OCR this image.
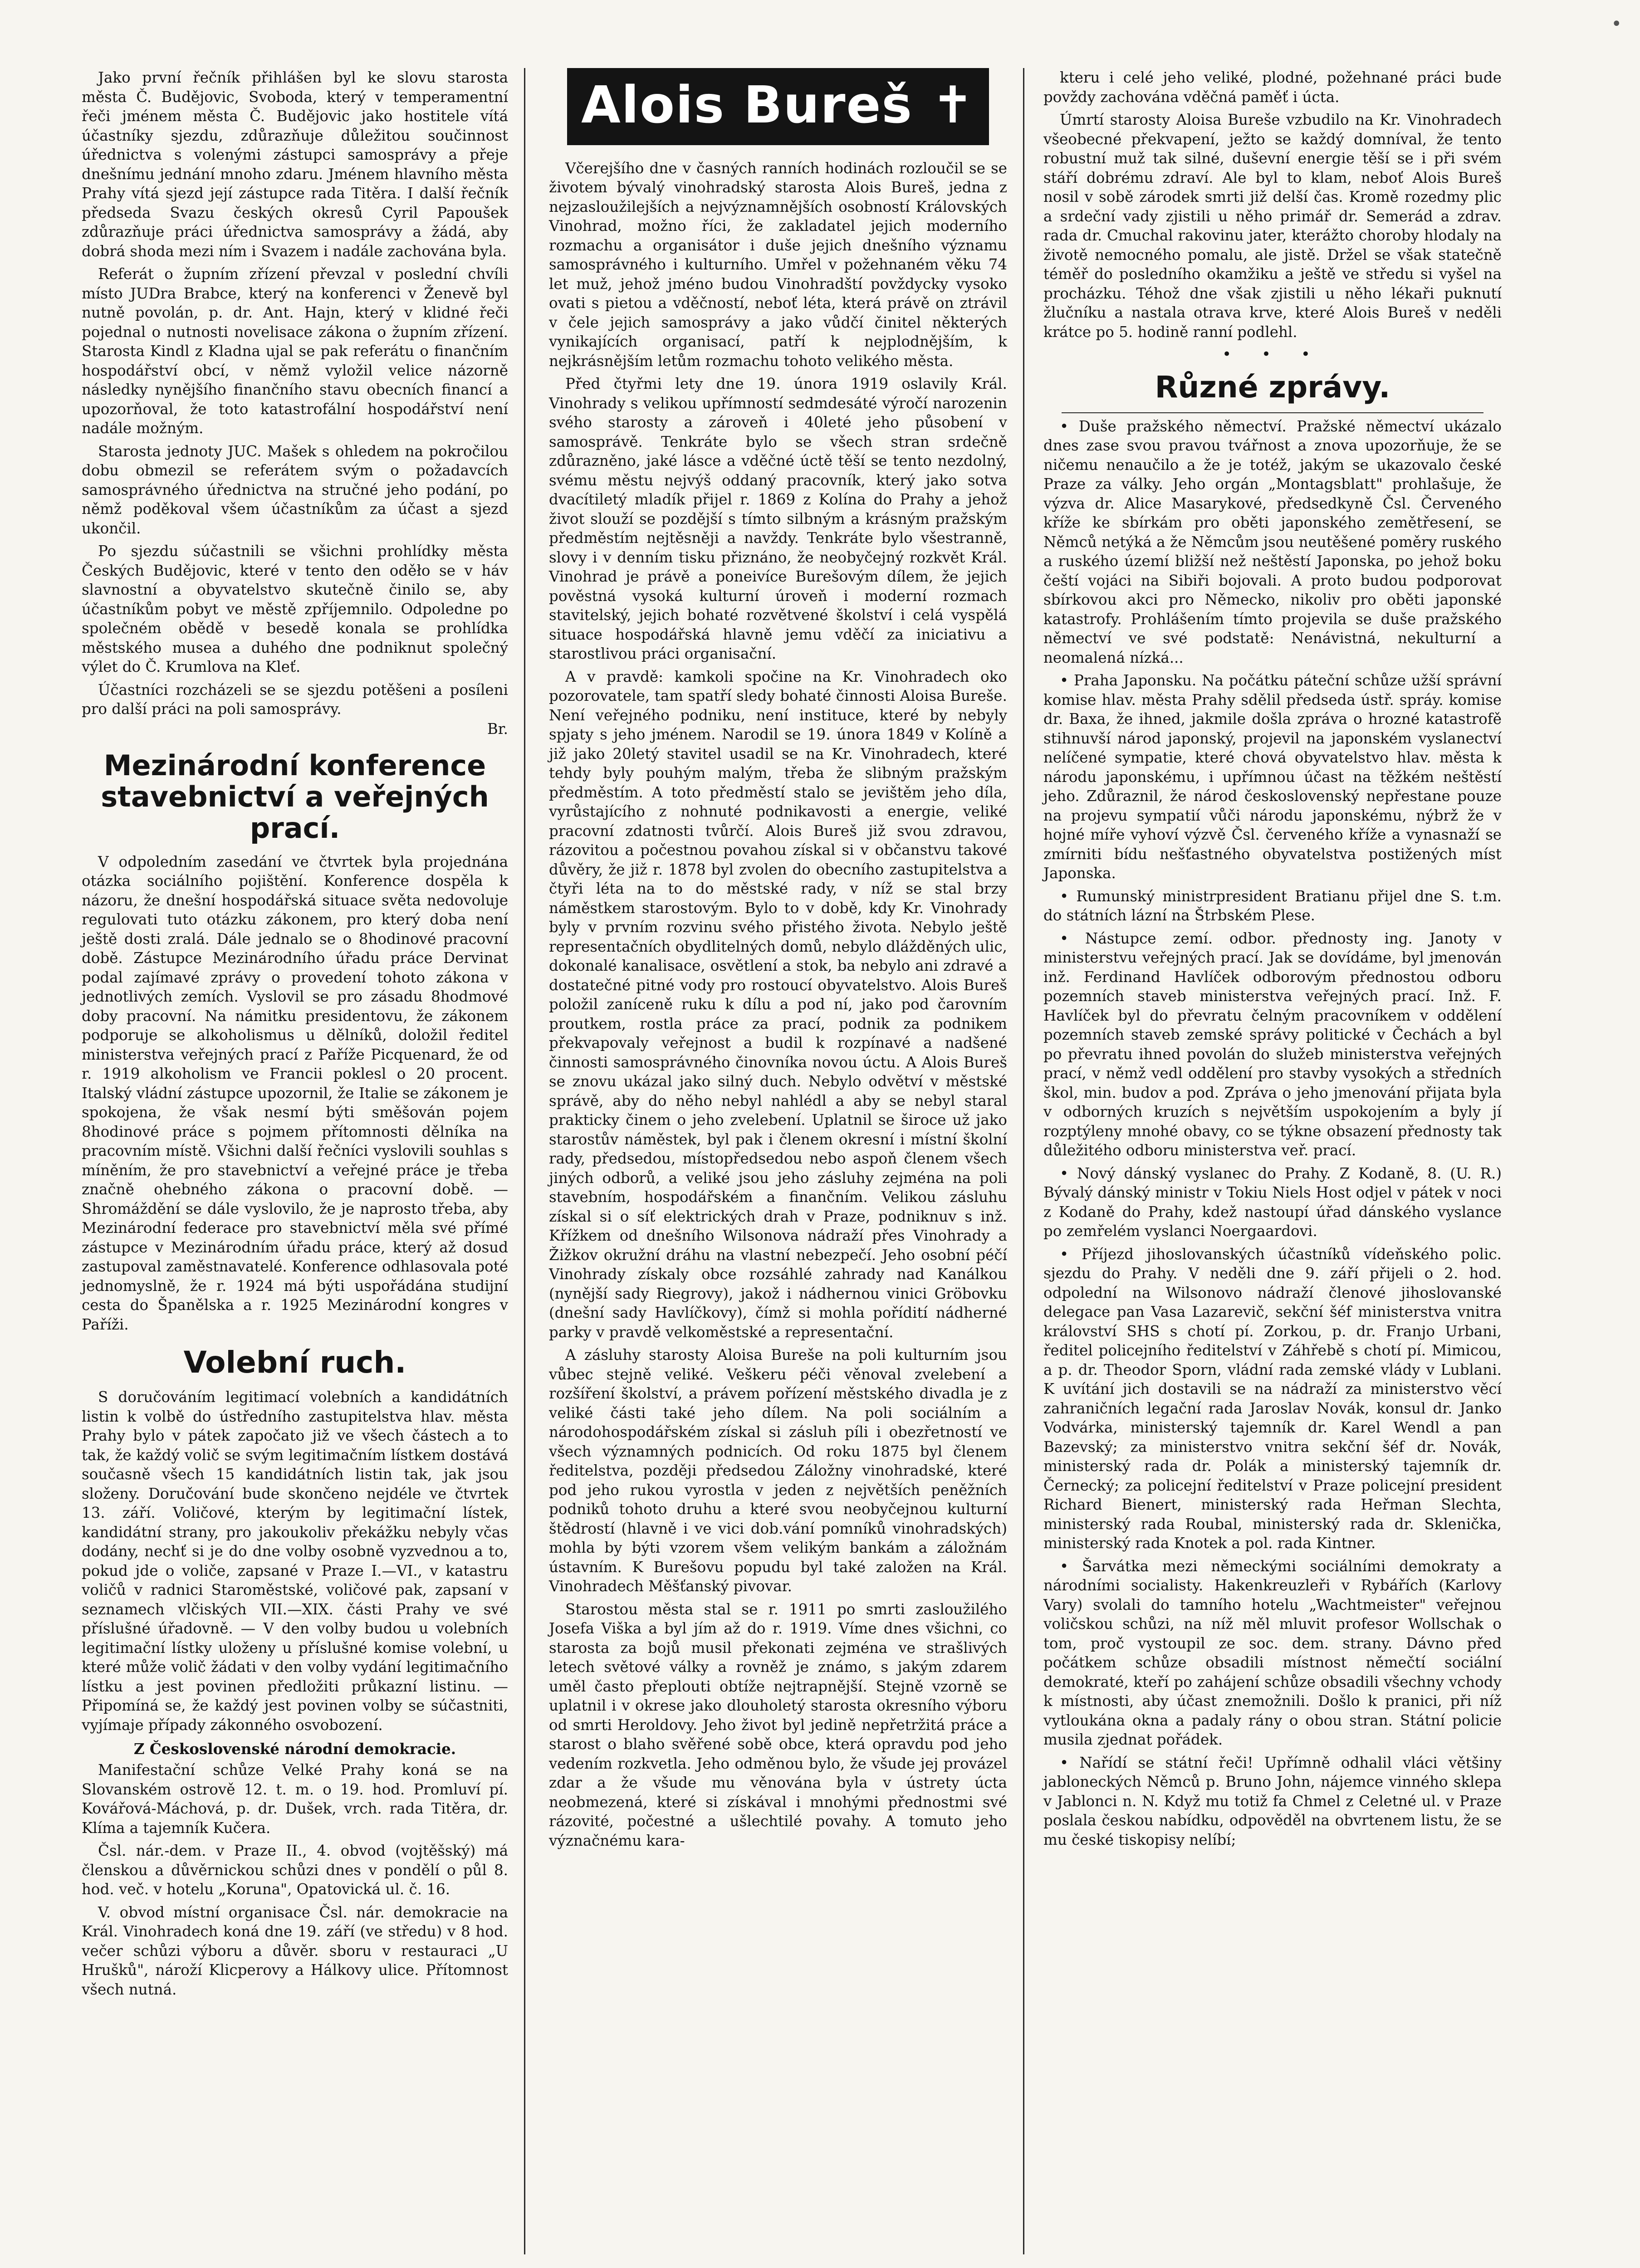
•

Jako první řečník přihlášen byl ke slovu starosta města Č. Budějovic, Svoboda, který v temperamentní řeči jménem města Č. Budějovic jako hostitele vítá účastníky sjezdu, zdůrazňuje důležitou součinnost úřednictva s volenými zástupci samosprávy a přeje dnešnímu jednání mnoho zdaru. Jménem hlavního města Prahy vítá sjezd její zástupce rada Titěra. I další řečník předseda Svazu českých okresů Cyril Papoušek zdůrazňuje práci úřednictva samosprávy a žádá, aby dobrá shoda mezi ním i Svazem i nadále zachována byla.

Referát o župním zřízení převzal v poslední chvíli místo JUDra Brabce, který na konferenci v Ženevě byl nutně povolán, p. dr. Ant. Hajn, který v klidné řeči pojednal o nutnosti novelisace zákona o župním zřízení. Starosta Kindl z Kladna ujal se pak referátu o finančním hospodářství obcí, v němž vyložil velice názorně následky nynějšího finančního stavu obecních financí a upozorňoval, že toto katastrofální hospodářství není nadále možným.

Starosta jednoty JUC. Mašek s ohledem na pokročilou dobu obmezil se referátem svým o požadavcích samosprávného úřednictva na stručné jeho podání, po němž poděkoval všem účastníkům za účast a sjezd ukončil.

Po sjezdu súčastnili se všichni prohlídky města Českých Budějovic, které v tento den oděło se v háv slavnostní a obyvatelstvo skutečně činilo se, aby účastníkům pobyt ve městě zpříjemnilo. Odpoledne po společném obědě v besedě konala se prohlídka městského musea a duhého dne podniknut společný výlet do Č. Krumlova na Kleť.

Účastníci rozcházeli se se sjezdu potěšeni a posíleni pro další práci na poli samosprávy.

Br.
Mezinárodní konference stavebnictví a veřejných prací.

V odpoledním zasedání ve čtvrtek byla projednána otázka sociálního pojištění. Konference dospěla k názoru, že dnešní hospodářská situace světa nedovoluje regulovati tuto otázku zákonem, pro který doba není ještě dosti zralá. Dále jednalo se o 8hodinové pracovní době. Zástupce Mezinárodního úřadu práce Dervinat podal zajímavé zprávy o provedení tohoto zákona v jednotlivých zemích. Vyslovil se pro zásadu 8hodmové doby pracovní. Na námitku presidentovu, že zákonem podporuje se alkoholismus u dělníků, doložil ředitel ministerstva veřejných prací z Paříže Picquenard, že od r. 1919 alkoholism ve Francii poklesl o 20 procent. Italský vládní zástupce upozornil, že Italie se zákonem je spokojena, že však nesmí býti směšován pojem 8hodinové práce s pojmem přítomnosti dělníka na pracovním místě. Všichni další řečníci vyslovili souhlas s míněním, že pro stavebnictví a veřejné práce je třeba značně ohebného zákona o pracovní době. — Shromáždění se dále vyslovilo, že je naprosto třeba, aby Mezinárodní federace pro stavebnictví měla své přímé zástupce v Mezinárodním úřadu práce, který až dosud zastupoval zaměstnavatelé. Konference odhlasovala poté jednomyslně, že r. 1924 má býti uspořádána studijní cesta do Španělska a r. 1925 Mezinárodní kongres v Paříži.

Volební ruch.

S doručováním legitimací volebních a kandidátních listin k volbě do ústředního zastupitelstva hlav. města Prahy bylo v pátek započato již ve všech částech a to tak, že každý volič se svým legitimačním lístkem dostává současně všech 15 kandidátních listin tak, jak jsou složeny. Doručování bude skončeno nejdéle ve čtvrtek 13. září. Voličové, kterým by legitimační lístek, kandidátní strany, pro jakoukoliv překážku nebyly včas dodány, nechť si je do dne volby osobně vyzvednou a to, pokud jde o voliče, zapsané v Praze I.—VI., v katastru voličů v radnici Staroměstské, voličové pak, zapsaní v seznamech vlčiských VII.—XIX. části Prahy ve své příslušné úřadovně. — V den volby budou u volebních legitimační lístky uloženy u příslušné komise volební, u které může volič žádati v den volby vydání legitimačního lístku a jest povinen předložiti průkazní listinu. — Připomíná se, že každý jest povinen volby se súčastniti, vyjímaje případy zákonného osvobození.

Z Československé národní demokracie.

Manifestační schůze Velké Prahy koná se na Slovanském ostrově 12. t. m. o 19. hod. Promluví pí. Kovářová-Máchová, p. dr. Dušek, vrch. rada Titěra, dr. Klíma a tajemník Kučera.

Čsl. nár.-dem. v Praze II., 4. obvod (vojtěšský) má členskou a důvěrnickou schůzi dnes v pondělí o půl 8. hod. več. v hotelu „Koruna", Opatovická ul. č. 16.

V. obvod místní organisace Čsl. nár. demokracie na Král. Vinohradech koná dne 19. září (ve středu) v 8 hod. večer schůzi výboru a důvěr. sboru v restauraci „U Hrušků", nároží Klicperovy a Hálkovy ulice. Přítomnost všech nutná.

Alois Bureš ✝

Včerejšího dne v časných ranních hodinách rozloučil se se životem bývalý vinohradský starosta Alois Bureš, jedna z nejzasloužilejších a nejvýznamnějších osobností Královských Vinohrad, možno říci, že zakladatel jejich moderního rozmachu a organisátor i duše jejich dnešního významu samosprávného i kulturního. Umřel v požehnaném věku 74 let muž, jehož jméno budou Vinohradští povždycky vysoko ovati s pietou a vděčností, neboť léta, která právě on ztrávil v čele jejich samosprávy a jako vůdčí činitel některých vynikajících organisací, patří k nejplodnějším, k nejkrásnějším letům rozmachu tohoto velikého města.

Před čtyřmi lety dne 19. února 1919 oslavily Král. Vinohrady s velikou upřímností sedmdesáté výročí narozenin svého starosty a zároveň i 40leté jeho působení v samosprávě. Tenkráte bylo se všech stran srdečně zdůrazněno, jaké lásce a vděčné úctě těší se tento nezdolný, svému městu nejvýš oddaný pracovník, který jako sotva dvacítiletý mladík přijel r. 1869 z Kolína do Prahy a jehož život slouží se pozdější s tímto silbným a krásným pražským předměstím nejtěsněji a navždy. Tenkráte bylo všestranně, slovy i v denním tisku přiznáno, že neobyčejný rozkvět Král. Vinohrad je právě a poneivíce Burešovým dílem, že jejich pověstná vysoká kulturní úroveň i moderní rozmach stavitelský, jejich bohaté rozvětvené školství i celá vyspělá situace hospodářská hlavně jemu vděčí za iniciativu a starostlivou práci organisační.

A v pravdě: kamkoli spočine na Kr. Vinohradech oko pozorovatele, tam spatří sledy bohaté činnosti Aloisa Bureše. Není veřejného podniku, není instituce, které by nebyly spjaty s jeho jménem. Narodil se 19. února 1849 v Kolíně a již jako 20letý stavitel usadil se na Kr. Vinohradech, které tehdy byly pouhým malým, třeba že slibným pražským předměstím. A toto předměstí stalo se jevištěm jeho díla, vyrůstajícího z nohnuté podnikavosti a energie, veliké pracovní zdatnosti tvůrčí. Alois Bureš již svou zdravou, rázovitou a počestnou povahou získal si v občanstvu takové důvěry, že již r. 1878 byl zvolen do obecního zastupitelstva a čtyři léta na to do městské rady, v níž se stal brzy náměstkem starostovým. Bylo to v době, kdy Kr. Vinohrady byly v prvním rozvinu svého přistého života. Nebylo ještě representačních obydlitelných domů, nebylo dlážděných ulic, dokonalé kanalisace, osvětlení a stok, ba nebylo ani zdravé a dostatečné pitné vody pro rostoucí obyvatelstvo. Alois Bureš položil zaníceně ruku k dílu a pod ní, jako pod čarovním proutkem, rostla práce za prací, podnik za podnikem překvapovaly veřejnost a budil k rozpínavé a nadšené činnosti samosprávného činovníka novou úctu. A Alois Bureš se znovu ukázal jako silný duch. Nebylo odvětví v městské správě, aby do něho nebyl nahlédl a aby se nebyl staral prakticky činem o jeho zvelebení. Uplatnil se široce už jako starostův náměstek, byl pak i členem okresní i místní školní rady, předsedou, místopředsedou nebo aspoň členem všech jiných odborů, a veliké jsou jeho zásluhy zejména na poli stavebním, hospodářském a finančním. Velikou zásluhu získal si o síť elektrických drah v Praze, podniknuv s inž. Křížkem od dnešního Wilsonova nádraží přes Vinohrady a Žižkov okružní dráhu na vlastní nebezpečí. Jeho osobní péčí Vinohrady získaly obce rozsáhlé zahrady nad Kanálkou (nynější sady Riegrovy), jakož i nádhernou vinici Gröbovku (dnešní sady Havlíčkovy), čímž si mohla pořídití nádherné parky v pravdě velkoměstské a representační.

A zásluhy starosty Aloisa Bureše na poli kulturním jsou vůbec stejně veliké. Veškeru péči věnoval zvelebení a rozšíření školství, a právem pořízení městského divadla je z veliké části také jeho dílem. Na poli sociálním a národohospodářském získal si zásluh píli i obezřetností ve všech významných podnicích. Od roku 1875 byl členem ředitelstva, později předsedou Záložny vinohradské, které pod jeho rukou vyrostla v jeden z největších peněžních podniků tohoto druhu a které svou neobyčejnou kulturní štědrostí (hlavně i ve vici dob.vání pomníků vinohradských) mohla by býti vzorem všem velikým bankám a záložnám ústavním. K Burešovu popudu byl také založen na Král. Vinohradech Měšťanský pivovar.

Starostou města stal se r. 1911 po smrti zasloužilého Josefa Viška a byl jím až do r. 1919. Víme dnes všichni, co starosta za bojů musil překonati zejména ve strašlivých letech světové války a rovněž je známo, s jakým zdarem uměl často přeplouti obtíže nejtrapnější. Stejně vzorně se uplatnil i v okrese jako dlouholetý starosta okresního výboru od smrti Heroldovy. Jeho život byl jedině nepřetržitá práce a starost o blaho svěřené sobě obce, která opravdu pod jeho vedením rozkvetla. Jeho odměnou bylo, že všude jej provázel zdar a že všude mu věnována byla v ústrety úcta neobmezená, které si získával i mnohými přednostmi své rázovité, počestné a ušlechtilé povahy. A tomuto jeho význačnému kara-

kteru i celé jeho veliké, plodné, požehnané práci bude povždy zachována vděčná paměť i úcta.

Úmrtí starosty Aloisa Bureše vzbudilo na Kr. Vinohradech všeobecné překvapení, ježto se každý domníval, že tento robustní muž tak silné, duševní energie těší se i při svém stáří dobrému zdraví. Ale byl to klam, neboť Alois Bureš nosil v sobě zárodek smrti již delší čas. Kromě rozedmy plic a srdeční vady zjistili u něho primář dr. Semerád a zdrav. rada dr. Cmuchal rakovinu jater, kterážto choroby hlodaly na životě nemocného pomalu, ale jistě. Držel se však statečně téměř do posledního okamžiku a ještě ve středu si vyšel na procházku. Téhož dne však zjistili u něho lékaři puknutí žlučníku a nastala otrava krve, které Alois Bureš v neděli krátce po 5. hodině ranní podlehl.

• • •
Různé zprávy.

• Duše pražského němectví. Pražské němectví ukázalo dnes zase svou pravou tvářnost a znova upozorňuje, že se ničemu nenaučilo a že je totéž, jakým se ukazovalo české Praze za války. Jeho orgán „Montagsblatt" prohlašuje, že výzva dr. Alice Masarykové, předsedkyně Čsl. Červeného kříže ke sbírkám pro oběti japonského zemětřesení, se Němců netýká a že Němcům jsou neutěšené poměry ruského a ruského území bližší než neštěstí Japonska, po jehož boku čeští vojáci na Sibiři bojovali. A proto budou podporovat sbírkovou akci pro Německo, nikoliv pro oběti japonské katastrofy. Prohlášením tímto projevila se duše pražského němectví ve své podstatě: Nenávistná, nekulturní a neomalená nízká...

• Praha Japonsku. Na počátku páteční schůze užší správní komise hlav. města Prahy sdělil předseda ústř. spráy. komise dr. Baxa, že ihned, jakmile došla zpráva o hrozné katastrofě stihnuvší národ japonský, projevil na japonském vyslanectví nelíčené sympatie, které chová obyvatelstvo hlav. města k národu japonskému, i upřímnou účast na těžkém neštěstí jeho. Zdůraznil, že národ československý nepřestane pouze na projevu sympatií vůči národu japonskému, nýbrž že v hojné míře vyhoví výzvě Čsl. červeného kříže a vynasnaží se zmírniti bídu nešťastného obyvatelstva postižených míst Japonska.

• Rumunský ministrpresident Bratianu přijel dne S. t.m. do státních lázní na Štrbském Plese.

• Nástupce zemí. odbor. přednosty ing. Janoty v ministerstvu veřejných prací. Jak se dovídáme, byl jmenován inž. Ferdinand Havlíček odborovým přednostou odboru pozemních staveb ministerstva veřejných prací. Inž. F. Havlíček byl do převratu čelným pracovníkem v oddělení pozemních staveb zemské správy politické v Čechách a byl po převratu ihned povolán do služeb ministerstva veřejných prací, v němž vedl oddělení pro stavby vysokých a středních škol, min. budov a pod. Zpráva o jeho jmenování přijata byla v odborných kruzích s největším uspokojením a byly jí rozptýleny mnohé obavy, co se týkne obsazení přednosty tak důležitého odboru ministerstva veř. prací.

• Nový dánský vyslanec do Prahy. Z Kodaně, 8. (U. R.) Bývalý dánský ministr v Tokiu Niels Host odjel v pátek v noci z Kodaně do Prahy, kdež nastoupí úřad dánského vyslance po zemřelém vyslanci Noergaardovi.

• Příjezd jihoslovanských účastníků vídeňského polic. sjezdu do Prahy. V neděli dne 9. září přijeli o 2. hod. odpolední na Wilsonovo nádraží členové jihoslovanské delegace pan Vasa Lazarevič, sekční šéf ministerstva vnitra království SHS s chotí pí. Zorkou, p. dr. Franjo Urbani, ředitel policejního ředitelství v Záhřebě s chotí pí. Mimicou, a p. dr. Theodor Sporn, vládní rada zemské vlády v Lublani. K uvítání jich dostavili se na nádraží za ministerstvo věcí zahraničních legační rada Jaroslav Novák, konsul dr. Janko Vodvárka, ministerský tajemník dr. Karel Wendl a pan Bazevský; za ministerstvo vnitra sekční šéf dr. Novák, ministerský rada dr. Polák a ministerský tajemník dr. Černecký; za policejní ředitelství v Praze policejní president Richard Bienert, ministerský rada Heřman Slechta, ministerský rada Roubal, ministerský rada dr. Sklenička, ministerský rada Knotek a pol. rada Kintner.

• Šarvátka mezi německými sociálními demokraty a národními socialisty. Hakenkreuzleři v Rybářích (Karlovy Vary) svolali do tamního hotelu „Wachtmeister" veřejnou voličskou schůzi, na níž měl mluvit profesor Wollschak o tom, proč vystoupil ze soc. dem. strany. Dávno před počátkem schůze obsadili místnost němečtí sociální demokraté, kteří po zahájení schůze obsadili všechny vchody k místnosti, aby účast znemožnili. Došlo k pranici, při níž vytloukána okna a padaly rány o obou stran. Státní policie musila zjednat pořádek.

• Nařídí se státní řeči! Upřímně odhalil vláci většiny jabloneckých Němců p. Bruno John, nájemce vinného sklepa v Jablonci n. N. Když mu totiž fa Chmel z Celetné ul. v Praze poslala českou nabídku, odpověděl na obvrtenem listu, že se mu české tiskopisy nelíbí;
